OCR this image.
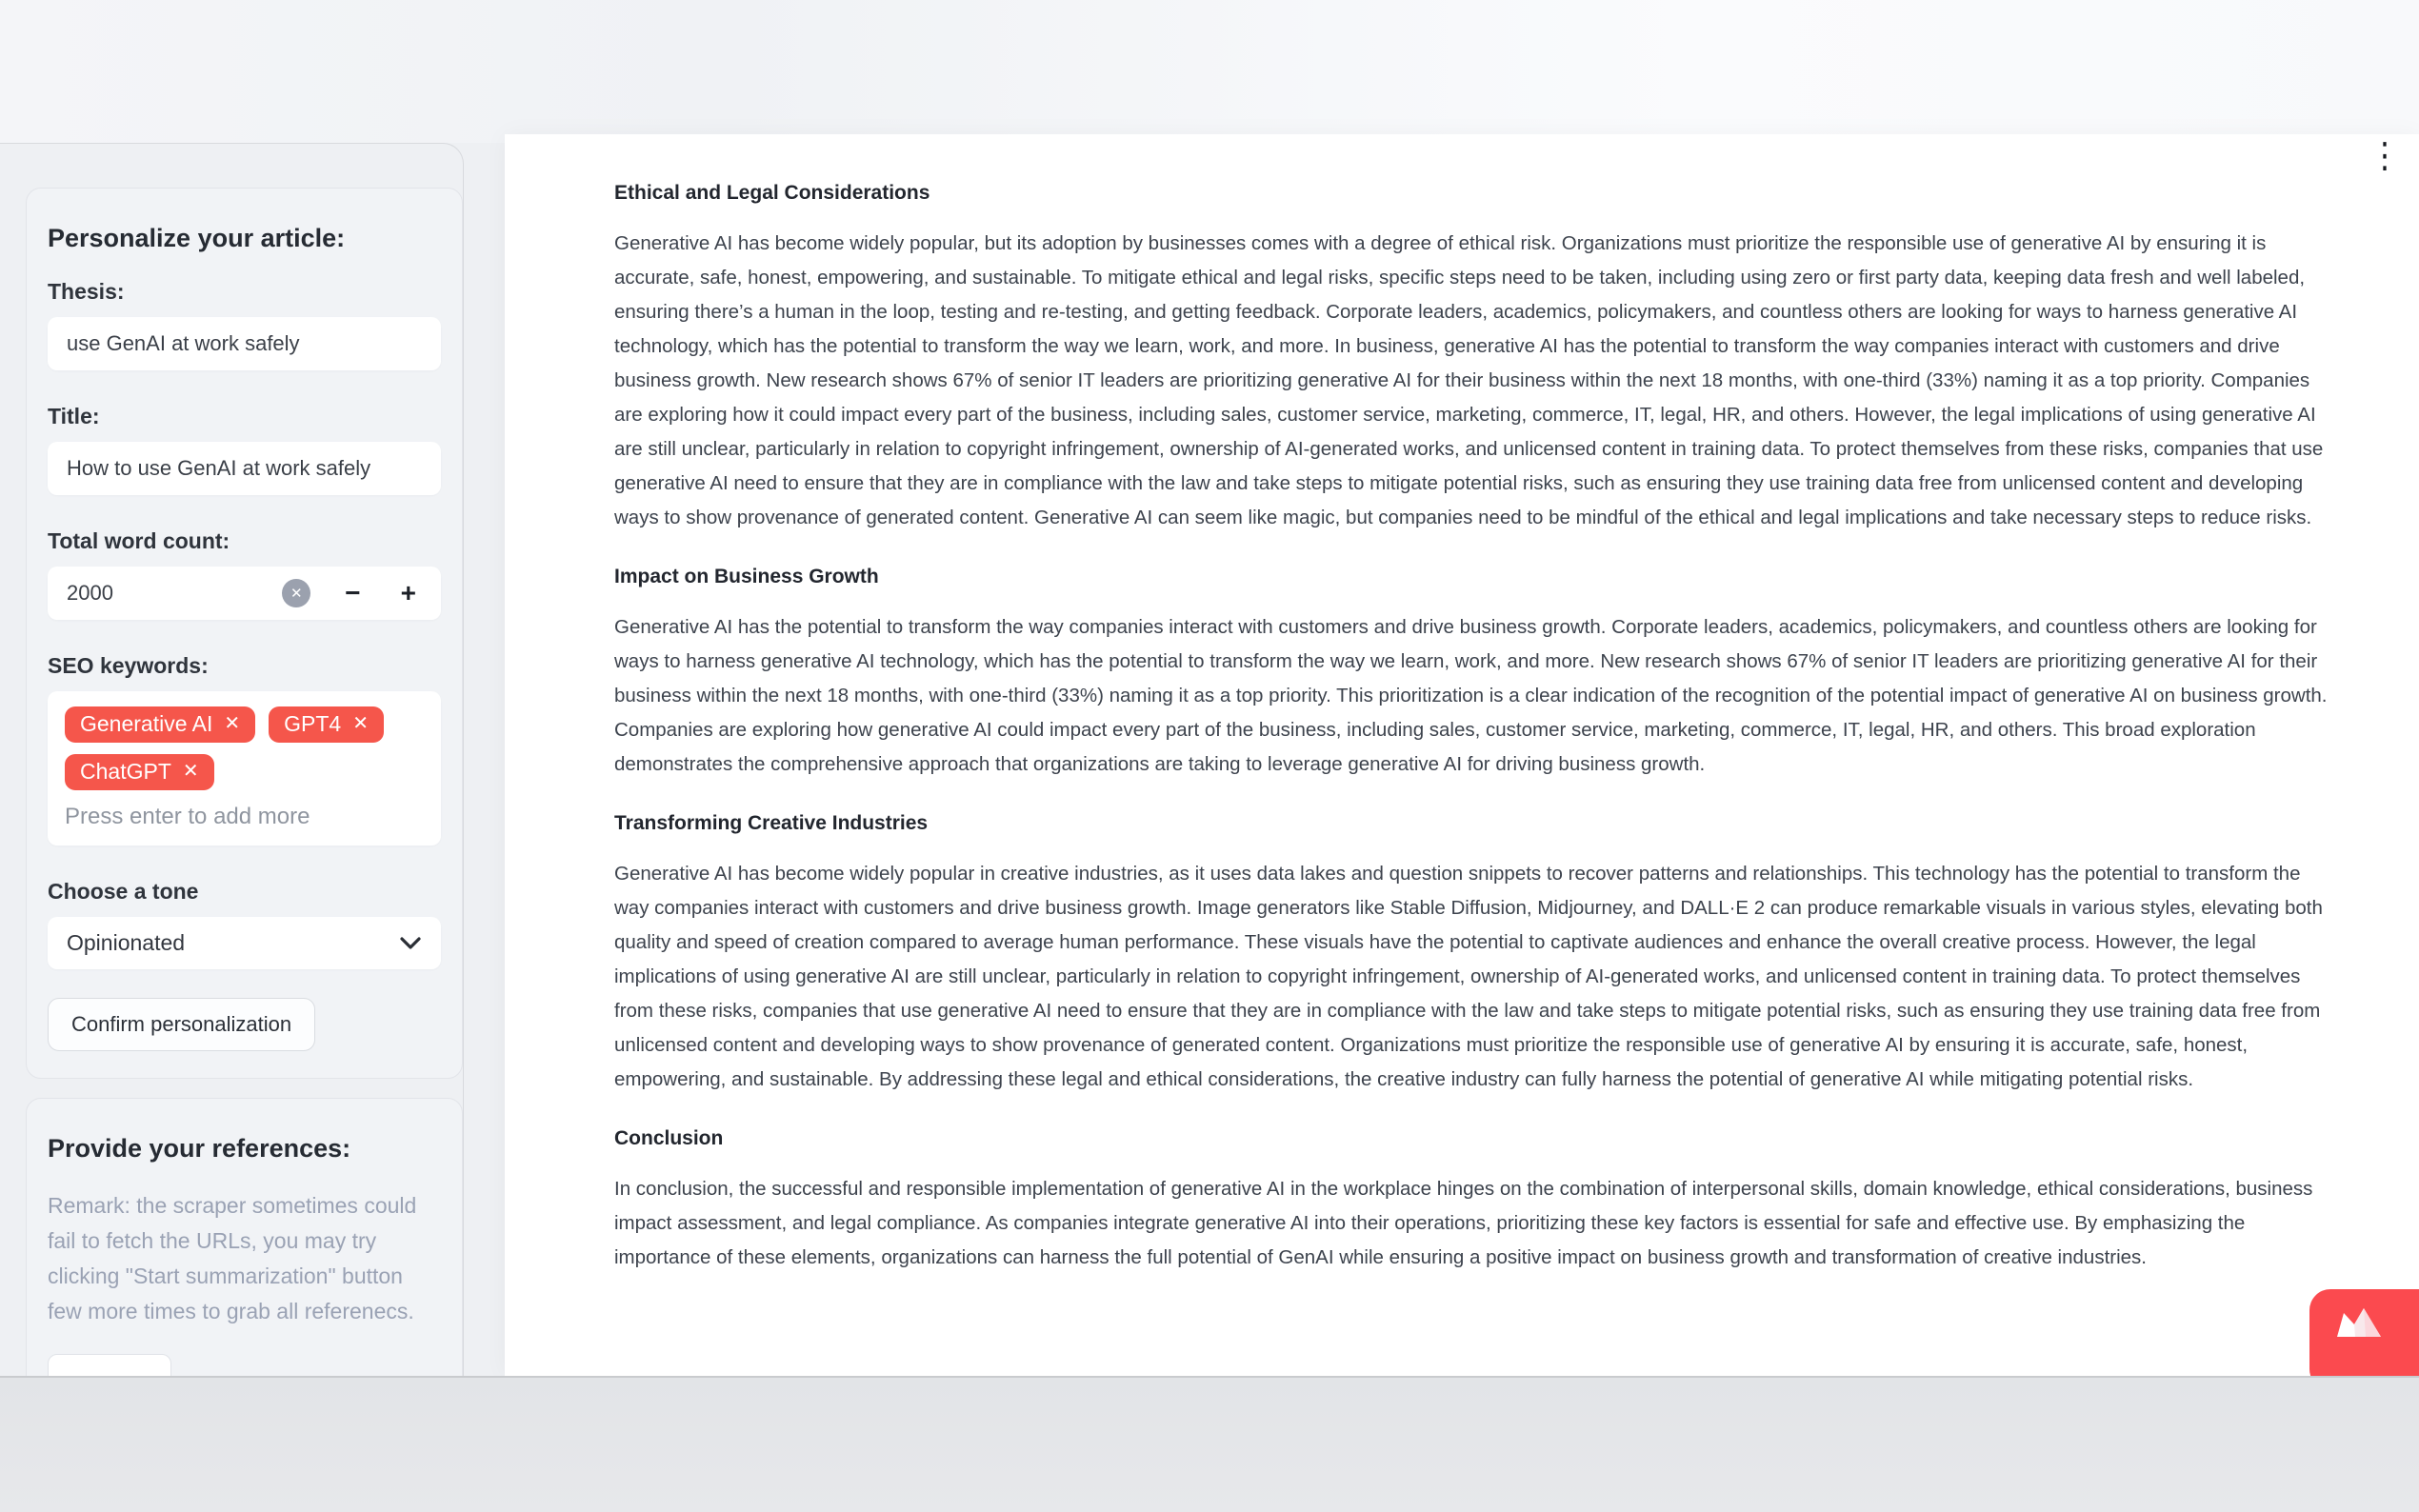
Personalize your article:
Thesis:
use GenAI at work safely
Title:
How to use GenAI at work safely
Total word count:
2000	✕ − +
SEO keywords:
Generative AI ✕ GPT4 ✕
ChatGPT ✕
Press enter to add more
Choose a tone
Opinionated
Confirm personalization
Provide your references:

Remark: the scraper sometimes could fail to fetch the URLs, you may try clicking "Start summarization" button few more times to grab all referenecs.

⋮
Ethical and Legal Considerations

Generative AI has become widely popular, but its adoption by businesses comes with a degree of ethical risk. Organizations must prioritize the responsible use of generative AI by ensuring it is accurate, safe, honest, empowering, and sustainable. To mitigate ethical and legal risks, specific steps need to be taken, including using zero or first party data, keeping data fresh and well labeled, ensuring there’s a human in the loop, testing and re-testing, and getting feedback. Corporate leaders, academics, policymakers, and countless others are looking for ways to harness generative AI technology, which has the potential to transform the way we learn, work, and more. In business, generative AI has the potential to transform the way companies interact with customers and drive business growth. New research shows 67% of senior IT leaders are prioritizing generative AI for their business within the next 18 months, with one-third (33%) naming it as a top priority. Companies are exploring how it could impact every part of the business, including sales, customer service, marketing, commerce, IT, legal, HR, and others. However, the legal implications of using generative AI are still unclear, particularly in relation to copyright infringement, ownership of AI-generated works, and unlicensed content in training data. To protect themselves from these risks, companies that use generative AI need to ensure that they are in compliance with the law and take steps to mitigate potential risks, such as ensuring they use training data free from unlicensed content and developing ways to show provenance of generated content. Generative AI can seem like magic, but companies need to be mindful of the ethical and legal implications and take necessary steps to reduce risks.

Impact on Business Growth

Generative AI has the potential to transform the way companies interact with customers and drive business growth. Corporate leaders, academics, policymakers, and countless others are looking for ways to harness generative AI technology, which has the potential to transform the way we learn, work, and more. New research shows 67% of senior IT leaders are prioritizing generative AI for their business within the next 18 months, with one-third (33%) naming it as a top priority. This prioritization is a clear indication of the recognition of the potential impact of generative AI on business growth. Companies are exploring how generative AI could impact every part of the business, including sales, customer service, marketing, commerce, IT, legal, HR, and others. This broad exploration demonstrates the comprehensive approach that organizations are taking to leverage generative AI for driving business growth.

Transforming Creative Industries

Generative AI has become widely popular in creative industries, as it uses data lakes and question snippets to recover patterns and relationships. This technology has the potential to transform the way companies interact with customers and drive business growth. Image generators like Stable Diffusion, Midjourney, and DALL·E 2 can produce remarkable visuals in various styles, elevating both quality and speed of creation compared to average human performance. These visuals have the potential to captivate audiences and enhance the overall creative process. However, the legal implications of using generative AI are still unclear, particularly in relation to copyright infringement, ownership of AI-generated works, and unlicensed content in training data. To protect themselves from these risks, companies that use generative AI need to ensure that they are in compliance with the law and take steps to mitigate potential risks, such as ensuring they use training data free from unlicensed content and developing ways to show provenance of generated content. Organizations must prioritize the responsible use of generative AI by ensuring it is accurate, safe, honest, empowering, and sustainable. By addressing these legal and ethical considerations, the creative industry can fully harness the potential of generative AI while mitigating potential risks.

Conclusion

In conclusion, the successful and responsible implementation of generative AI in the workplace hinges on the combination of interpersonal skills, domain knowledge, ethical considerations, business impact assessment, and legal compliance. As companies integrate generative AI into their operations, prioritizing these key factors is essential for safe and effective use. By emphasizing the importance of these elements, organizations can harness the full potential of GenAI while ensuring a positive impact on business growth and transformation of creative industries.
